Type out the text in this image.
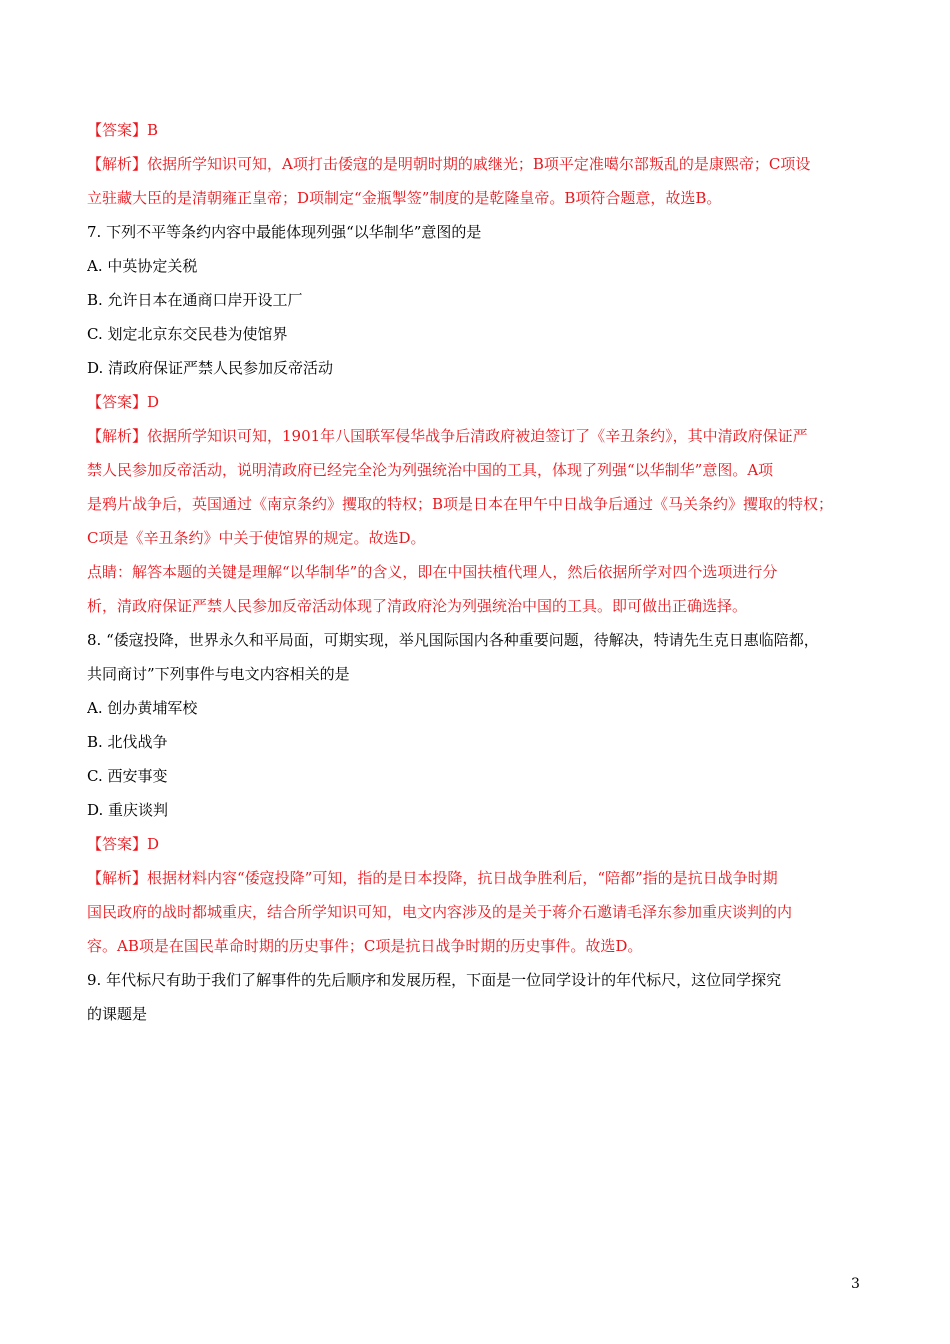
【答案】B
【解析】依据所学知识可知，A项打击倭寇的是明朝时期的戚继光；B项平定准噶尔部叛乱的是康熙帝；C项设
立驻藏大臣的是清朝雍正皇帝；D项制定“金瓶掣签”制度的是乾隆皇帝。B项符合题意，故选B。
7. 下列不平等条约内容中最能体现列强“以华制华”意图的是
A. 中英协定关税
B. 允许日本在通商口岸开设工厂
C. 划定北京东交民巷为使馆界
D. 清政府保证严禁人民参加反帝活动
【答案】D
【解析】依据所学知识可知，1901年八国联军侵华战争后清政府被迫签订了《辛丑条约》，其中清政府保证严
禁人民参加反帝活动，说明清政府已经完全沦为列强统治中国的工具，体现了列强“以华制华”意图。A项
是鸦片战争后，英国通过《南京条约》攫取的特权；B项是日本在甲午中日战争后通过《马关条约》攫取的特权；
C项是《辛丑条约》中关于使馆界的规定。故选D。
点睛：解答本题的关键是理解“以华制华”的含义，即在中国扶植代理人，然后依据所学对四个选项进行分
析，清政府保证严禁人民参加反帝活动体现了清政府沦为列强统治中国的工具。即可做出正确选择。
8. “倭寇投降，世界永久和平局面，可期实现，举凡国际国内各种重要问题，待解决，特请先生克日惠临陪都，
共同商讨”下列事件与电文内容相关的是
A. 创办黄埔军校
B. 北伐战争
C. 西安事变
D. 重庆谈判
【答案】D
【解析】根据材料内容“倭寇投降”可知，指的是日本投降，抗日战争胜利后，“陪都”指的是抗日战争时期
国民政府的战时都城重庆，结合所学知识可知，电文内容涉及的是关于蒋介石邀请毛泽东参加重庆谈判的内
容。AB项是在国民革命时期的历史事件；C项是抗日战争时期的历史事件。故选D。
9. 年代标尺有助于我们了解事件的先后顺序和发展历程，下面是一位同学设计的年代标尺，这位同学探究
的课题是
3
